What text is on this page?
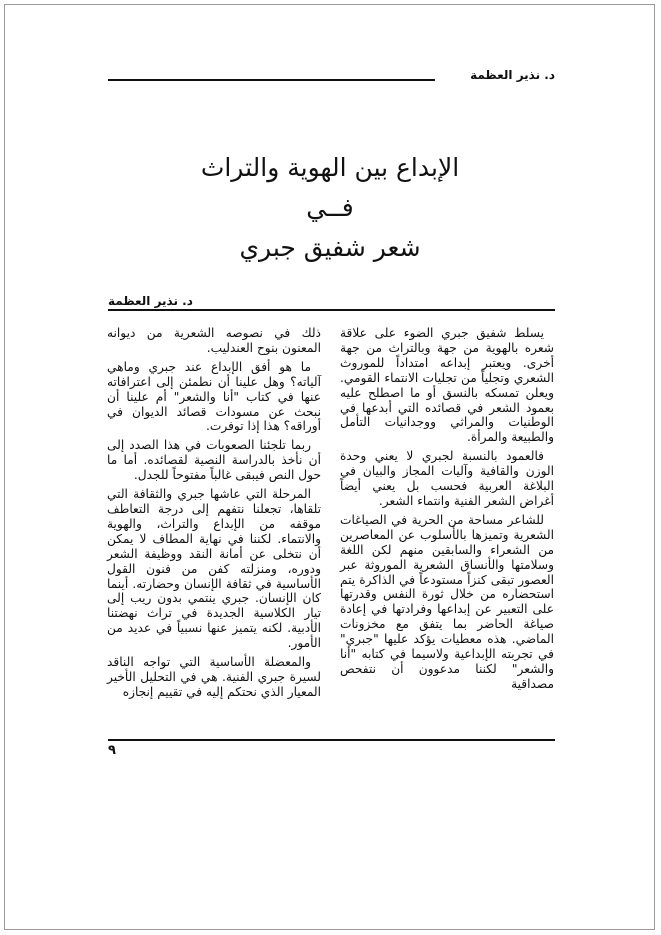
د. نذير العظمة
الإبداع بين الهوية والتراث
فــي
شعر شفيق جبري
د. نذير العظمة

يسلط شفيق جبري الضوء على علاقة شعره بالهوية من جهة وبالتراث من جهة أخرى. ويعتبر إبداعه امتداداً للموروث الشعري وتجلياً من تجليات الانتماء القومي. ويعلن تمسكه بالنسق أو ما اصطلح عليه بعمود الشعر في قصائده التي أبدعها في الوطنيات والمراثي ووجدانيات التأمل والطبيعة والمرأة.

فالعمود بالنسبة لجبري لا يعني وحدة الوزن والقافية وآليات المجاز والبيان في البلاغة العربية فحسب بل يعني أيضاً أغراض الشعر الفنية وانتماء الشعر.

للشاعر مساحة من الحرية في الصياغات الشعرية وتميزها بالأسلوب عن المعاصرين من الشعراء والسابقين منهم لكن اللغة وسلامتها والأنساق الشعرية الموروثة عبر العصور تبقى كنزاً مستودعاً في الذاكرة يتم استحضاره من خلال ثورة النفس وقدرتها على التعبير عن إبداعها وفرادتها في إعادة صياغة الحاضر بما يتفق مع مخزونات الماضي. هذه معطيات يؤكد عليها "جبري" في تجربته الإبداعية ولاسيما في كتابه "أنا والشعر" لكننا مدعوون أن نتفحص مصداقية

ذلك في نصوصه الشعرية من ديوانه المعنون بنوح العندليب.

ما هو أفق الإبداع عند جبري وماهي آلياته؟ وهل علينا أن نطمئن إلى اعترافاته عنها في كتاب "أنا والشعر" أم علينا أن نبحث عن مسودات قصائد الديوان في أوراقه؟ هذا إذا توفرت.

ربما تلجئنا الصعوبات في هذا الصدد إلى أن نأخذ بالدراسة النصية لقصائده. أما ما حول النص فيبقى غالباً مفتوحاً للجدل.

المرحلة التي عاشها جبري والثقافة التي تلقاها، تجعلنا نتفهم إلى درجة التعاطف موقفه من الإبداع والتراث، والهوية والانتماء. لكننا في نهاية المطاف لا يمكن أن نتخلى عن أمانة النقد ووظيفة الشعر ودوره، ومنزلته كفن من فنون القول الأساسية في ثقافة الإنسان وحضارته. أينما كان الإنسان. جبري ينتمي بدون ريب إلى تيار الكلاسية الجديدة في تراث نهضتنا الأدبية. لكنه يتميز عنها نسبياً في عديد من الأمور.

والمعضلة الأساسية التي تواجه الناقد لسيرة جبري الفنية. هي في التحليل الأخير المعيار الذي نحتكم إليه في تقييم إنجازه

٩
